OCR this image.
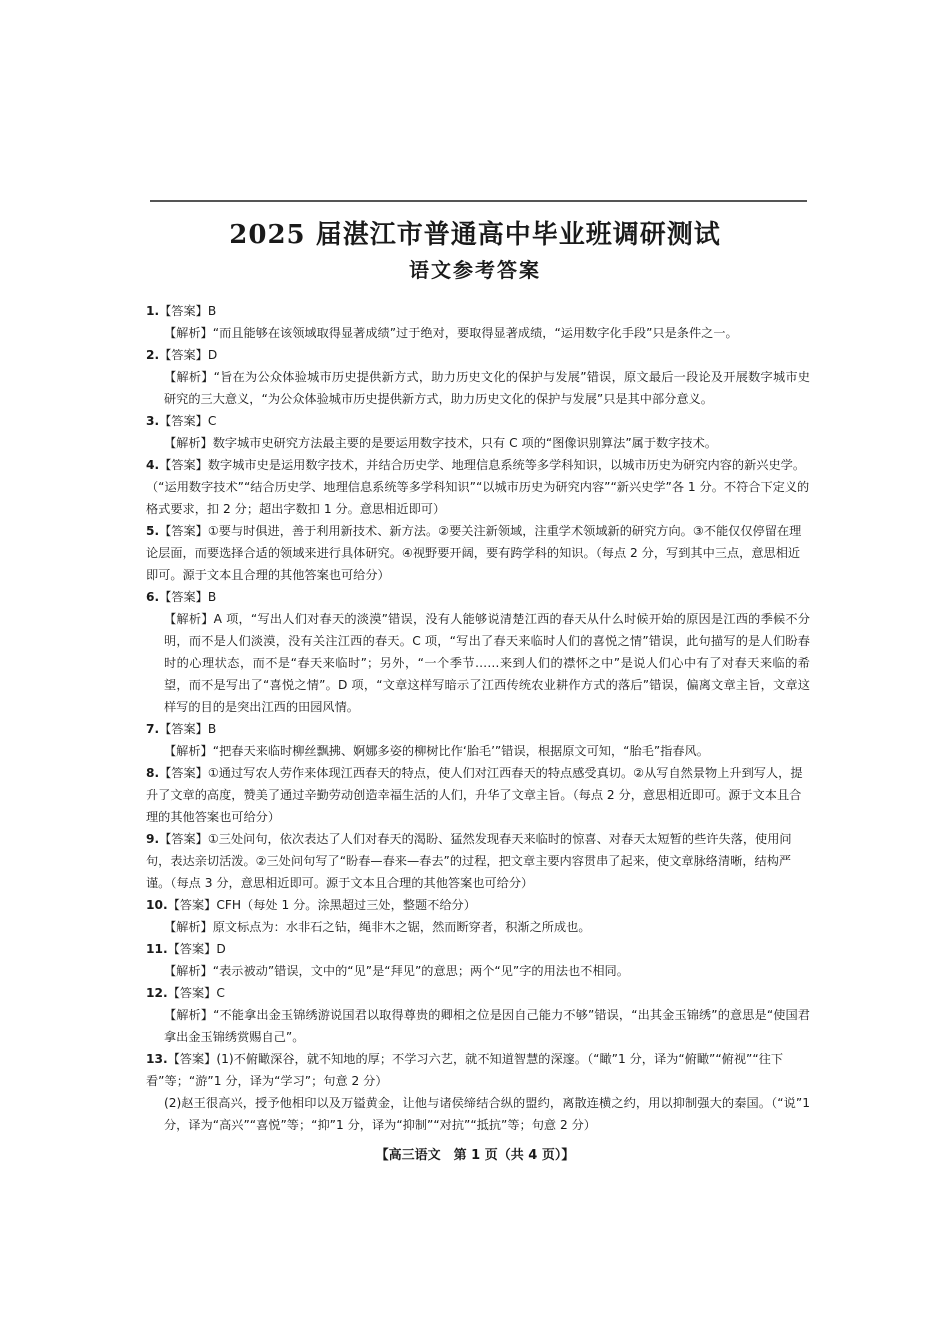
2025 届湛江市普通高中毕业班调研测试
语文参考答案

1.【答案】B

【解析】“而且能够在该领域取得显著成绩”过于绝对，要取得显著成绩，“运用数字化手段”只是条件之一。

2.【答案】D

【解析】“旨在为公众体验城市历史提供新方式，助力历史文化的保护与发展”错误，原文最后一段论及开展数字城市史研究的三大意义，“为公众体验城市历史提供新方式，助力历史文化的保护与发展”只是其中部分意义。

3.【答案】C

【解析】数字城市史研究方法最主要的是要运用数字技术，只有 C 项的“图像识别算法”属于数字技术。

4.【答案】数字城市史是运用数字技术，并结合历史学、地理信息系统等多学科知识，以城市历史为研究内容的新兴史学。（“运用数字技术”“结合历史学、地理信息系统等多学科知识”“以城市历史为研究内容”“新兴史学”各 1 分。不符合下定义的格式要求，扣 2 分；超出字数扣 1 分。意思相近即可）

5.【答案】①要与时俱进，善于利用新技术、新方法。②要关注新领域，注重学术领域新的研究方向。③不能仅仅停留在理论层面，而要选择合适的领域来进行具体研究。④视野要开阔，要有跨学科的知识。（每点 2 分，写到其中三点，意思相近即可。源于文本且合理的其他答案也可给分）

6.【答案】B

【解析】A 项，“写出人们对春天的淡漠”错误，没有人能够说清楚江西的春天从什么时候开始的原因是江西的季候不分明，而不是人们淡漠，没有关注江西的春天。C 项，“写出了春天来临时人们的喜悦之情”错误，此句描写的是人们盼春时的心理状态，而不是“春天来临时”；另外，“一个季节……来到人们的襟怀之中”是说人们心中有了对春天来临的希望，而不是写出了“喜悦之情”。D 项，“文章这样写暗示了江西传统农业耕作方式的落后”错误，偏离文章主旨，文章这样写的目的是突出江西的田园风情。

7.【答案】B

【解析】“把春天来临时柳丝飘拂、婀娜多姿的柳树比作‘胎毛’”错误，根据原文可知，“胎毛”指春风。

8.【答案】①通过写农人劳作来体现江西春天的特点，使人们对江西春天的特点感受真切。②从写自然景物上升到写人，提升了文章的高度，赞美了通过辛勤劳动创造幸福生活的人们，升华了文章主旨。（每点 2 分，意思相近即可。源于文本且合理的其他答案也可给分）

9.【答案】①三处问句，依次表达了人们对春天的渴盼、猛然发现春天来临时的惊喜、对春天太短暂的些许失落，使用问句，表达亲切活泼。②三处问句写了“盼春—春来—春去”的过程，把文章主要内容贯串了起来，使文章脉络清晰，结构严谨。（每点 3 分，意思相近即可。源于文本且合理的其他答案也可给分）

10.【答案】CFH（每处 1 分。涂黑超过三处，整题不给分）

【解析】原文标点为：水非石之钻，绳非木之锯，然而断穿者，积渐之所成也。

11.【答案】D

【解析】“表示被动”错误，文中的“见”是“拜见”的意思；两个“见”字的用法也不相同。

12.【答案】C

【解析】“不能拿出金玉锦绣游说国君以取得尊贵的卿相之位是因自己能力不够”错误，“出其金玉锦绣”的意思是“使国君拿出金玉锦绣赏赐自己”。

13.【答案】(1)不俯瞰深谷，就不知地的厚；不学习六艺，就不知道智慧的深邃。（“瞰”1 分，译为“俯瞰”“俯视”“往下看”等；“游”1 分，译为“学习”；句意 2 分）

(2)赵王很高兴，授予他相印以及万镒黄金，让他与诸侯缔结合纵的盟约，离散连横之约，用以抑制强大的秦国。（“说”1 分，译为“高兴”“喜悦”等；“抑”1 分，译为“抑制”“对抗”“抵抗”等；句意 2 分）

【高三语文　第 1 页（共 4 页）】
